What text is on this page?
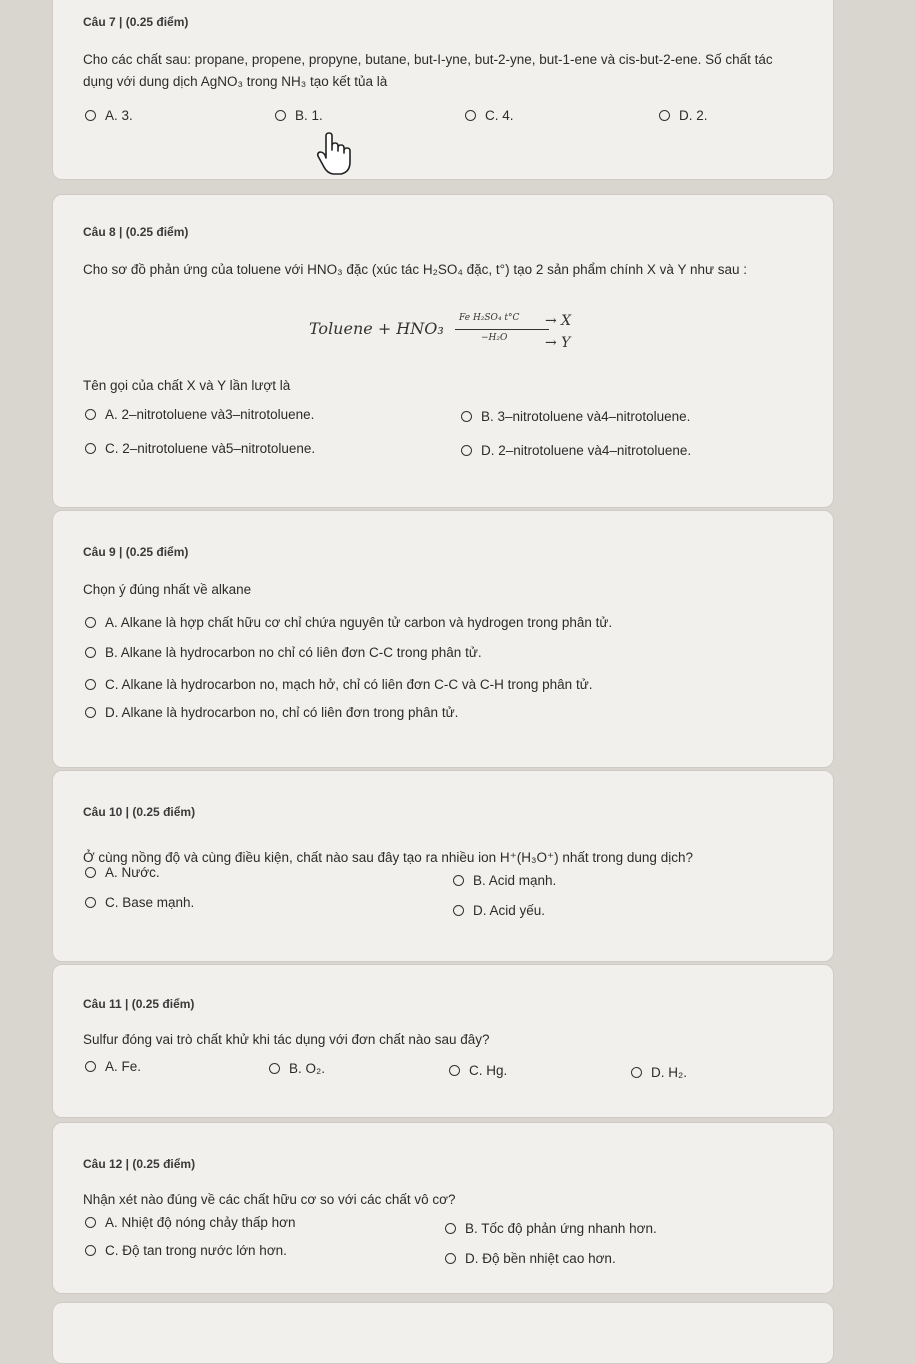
Câu 7 | (0.25 điểm)
Cho các chất sau: propane, propene, propyne, butane, but-I-yne, but-2-yne, but-1-ene và cis-but-2-ene. Số chất tác dụng với dung dịch AgNO₃ trong NH₃ tạo kết tủa là
A. 3.	B. 1.	C. 4.	D. 2.
Câu 8 | (0.25 điểm)
Cho sơ đồ phản ứng của toluene với HNO₃ đặc (xúc tác H₂SO₄ đặc, t°) tạo 2 sản phẩm chính X và Y như sau :
Toluene + HNO₃
Fe H₂SO₄ t°C
−H₂O
→ X
→ Y
Tên gọi của chất X và Y lần lượt là
A. 2–nitrotoluene và3–nitrotoluene.	B. 3–nitrotoluene và4–nitrotoluene.
C. 2–nitrotoluene và5–nitrotoluene.	D. 2–nitrotoluene và4–nitrotoluene.
Câu 9 | (0.25 điểm)
Chọn ý đúng nhất về alkane
A. Alkane là hợp chất hữu cơ chỉ chứa nguyên tử carbon và hydrogen trong phân tử.
B. Alkane là hydrocarbon no chỉ có liên đơn C-C trong phân tử.
C. Alkane là hydrocarbon no, mạch hở, chỉ có liên đơn C-C và C-H trong phân tử.
D. Alkane là hydrocarbon no, chỉ có liên đơn trong phân tử.
Câu 10 | (0.25 điểm)
Ở cùng nồng độ và cùng điều kiện, chất nào sau đây tạo ra nhiều ion H⁺(H₃O⁺) nhất trong dung dịch?
A. Nước.
B. Acid mạnh.
C. Base mạnh.
D. Acid yếu.
Câu 11 | (0.25 điểm)
Sulfur đóng vai trò chất khử khi tác dụng với đơn chất nào sau đây?
A. Fe.	B. O₂.	C. Hg.	D. H₂.
Câu 12 | (0.25 điểm)
Nhận xét nào đúng về các chất hữu cơ so với các chất vô cơ?
A. Nhiệt độ nóng chảy thấp hơn	B. Tốc độ phản ứng nhanh hơn.
C. Độ tan trong nước lớn hơn.
D. Độ bền nhiệt cao hơn.
